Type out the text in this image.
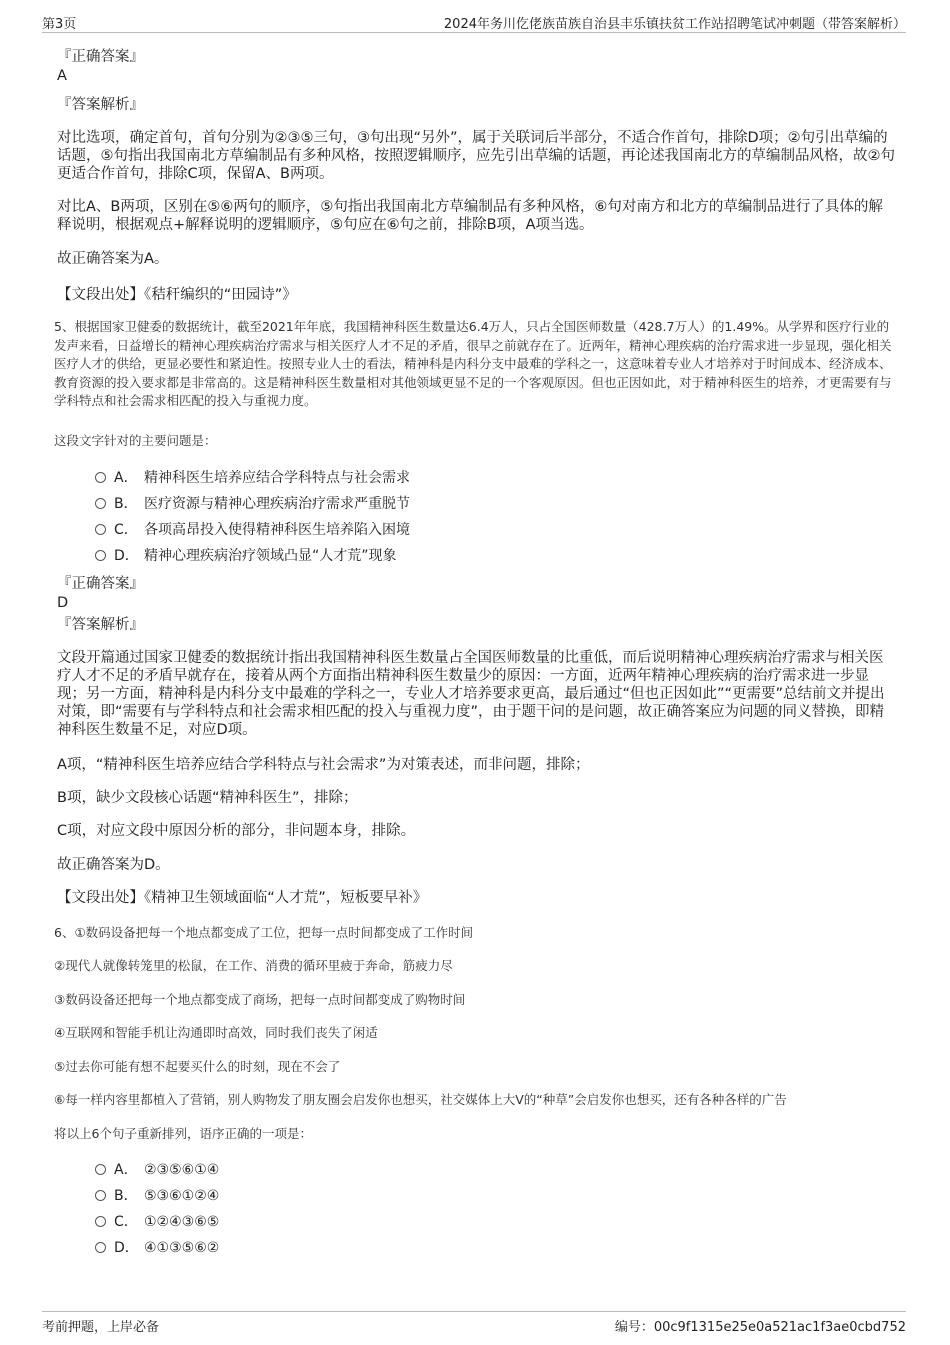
第3页	2024年务川仡佬族苗族自治县丰乐镇扶贫工作站招聘笔试冲刺题（带答案解析）
『正确答案』
A
『答案解析』
对比选项，确定首句，首句分别为②③⑤三句，③句出现“另外”，属于关联词后半部分，不适合作首句，排除D项；②句引出草编的话题，⑤句指出我国南北方草编制品有多种风格，按照逻辑顺序，应先引出草编的话题，再论述我国南北方的草编制品风格，故②句更适合作首句，排除C项，保留A、B两项。
对比A、B两项，区别在⑤⑥两句的顺序，⑤句指出我国南北方草编制品有多种风格，⑥句对南方和北方的草编制品进行了具体的解释说明，根据观点+解释说明的逻辑顺序，⑤句应在⑥句之前，排除B项，A项当选。
故正确答案为A。
【文段出处】《秸秆编织的“田园诗”》
5、根据国家卫健委的数据统计，截至2021年年底，我国精神科医生数量达6.4万人，只占全国医师数量（428.7万人）的1.49%。从学界和医疗行业的发声来看，日益增长的精神心理疾病治疗需求与相关医疗人才不足的矛盾，很早之前就存在了。近两年，精神心理疾病的治疗需求进一步显现，强化相关医疗人才的供给，更显必要性和紧迫性。按照专业人士的看法，精神科是内科分支中最难的学科之一，这意味着专业人才培养对于时间成本、经济成本、教育资源的投入要求都是非常高的。这是精神科医生数量相对其他领域更显不足的一个客观原因。但也正因如此，对于精神科医生的培养，才更需要有与学科特点和社会需求相匹配的投入与重视力度。
这段文字针对的主要问题是：
A． 精神科医生培养应结合学科特点与社会需求
B． 医疗资源与精神心理疾病治疗需求严重脱节
C． 各项高昂投入使得精神科医生培养陷入困境
D． 精神心理疾病治疗领域凸显“人才荒”现象
『正确答案』
D
『答案解析』
文段开篇通过国家卫健委的数据统计指出我国精神科医生数量占全国医师数量的比重低，而后说明精神心理疾病治疗需求与相关医疗人才不足的矛盾早就存在，接着从两个方面指出精神科医生数量少的原因：一方面，近两年精神心理疾病的治疗需求进一步显现；另一方面，精神科是内科分支中最难的学科之一，专业人才培养要求更高，最后通过“但也正因如此”“更需要”总结前文并提出对策，即“需要有与学科特点和社会需求相匹配的投入与重视力度”，由于题干问的是问题，故正确答案应为问题的同义替换，即精神科医生数量不足，对应D项。
A项，“精神科医生培养应结合学科特点与社会需求”为对策表述，而非问题，排除；
B项，缺少文段核心话题“精神科医生”，排除；
C项，对应文段中原因分析的部分，非问题本身，排除。
故正确答案为D。
【文段出处】《精神卫生领域面临“人才荒”，短板要早补》
6、①数码设备把每一个地点都变成了工位，把每一点时间都变成了工作时间
②现代人就像转笼里的松鼠，在工作、消费的循环里疲于奔命，筋疲力尽
③数码设备还把每一个地点都变成了商场，把每一点时间都变成了购物时间
④互联网和智能手机让沟通即时高效，同时我们丧失了闲适
⑤过去你可能有想不起要买什么的时刻，现在不会了
⑥每一样内容里都植入了营销，别人购物发了朋友圈会启发你也想买，社交媒体上大V的“种草”会启发你也想买，还有各种各样的广告
将以上6个句子重新排列，语序正确的一项是：
A． ②③⑤⑥①④
B． ⑤③⑥①②④
C． ①②④③⑥⑤
D． ④①③⑤⑥②
考前押题，上岸必备	编号：00c9f1315e25e0a521ac1f3ae0cbd752
